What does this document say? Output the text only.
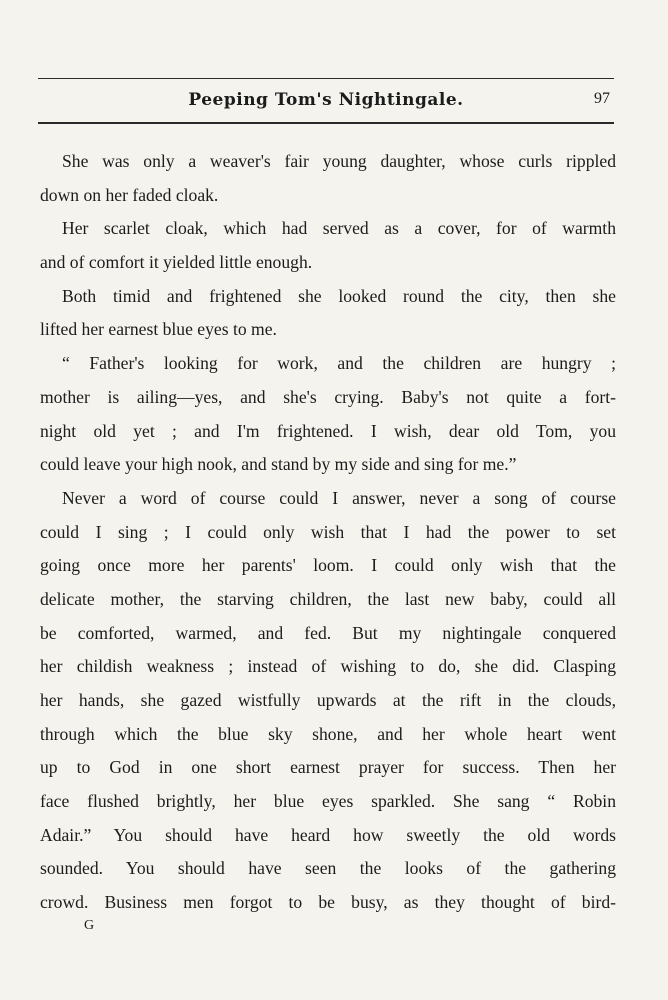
Peeping Tom's Nightingale.	97
She was only a weaver's fair young daughter, whose curls rippled
down on her faded cloak.
Her scarlet cloak, which had served as a cover, for of warmth
and of comfort it yielded little enough.
Both timid and frightened she looked round the city, then she
lifted her earnest blue eyes to me.
“ Father's looking for work, and the children are hungry ;
mother is ailing—yes, and she's crying. Baby's not quite a fort-
night old yet ; and I'm frightened. I wish, dear old Tom, you
could leave your high nook, and stand by my side and sing for me.”
Never a word of course could I answer, never a song of course
could I sing ; I could only wish that I had the power to set
going once more her parents' loom. I could only wish that the
delicate mother, the starving children, the last new baby, could all
be comforted, warmed, and fed. But my nightingale conquered
her childish weakness ; instead of wishing to do, she did. Clasping
her hands, she gazed wistfully upwards at the rift in the clouds,
through which the blue sky shone, and her whole heart went
up to God in one short earnest prayer for success. Then her
face flushed brightly, her blue eyes sparkled. She sang “ Robin
Adair.” You should have heard how sweetly the old words
sounded. You should have seen the looks of the gathering
crowd. Business men forgot to be busy, as they thought of bird-
G
